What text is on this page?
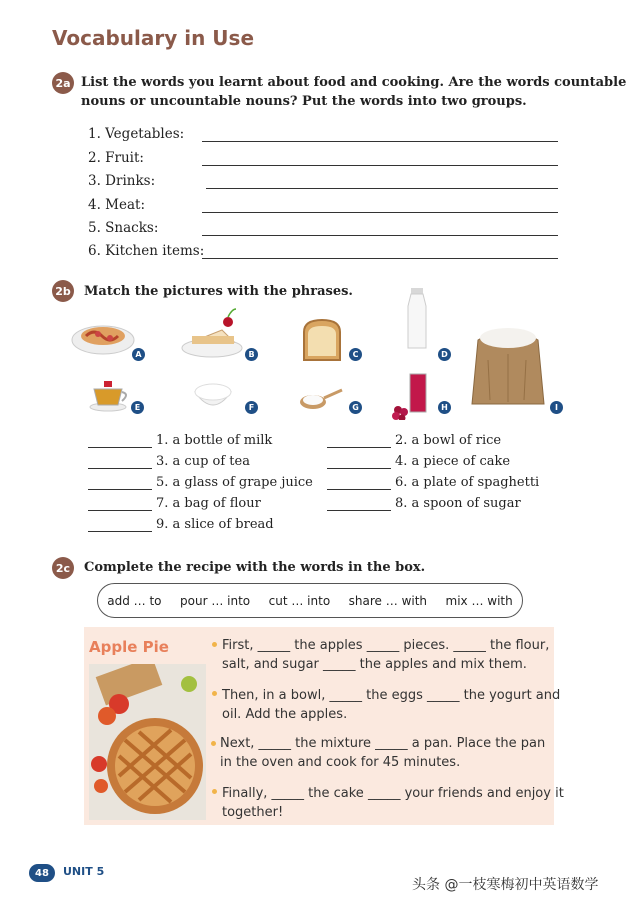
Vocabulary in Use
2a List the words you learnt about food and cooking. Are the words countable
nouns or uncountable nouns? Put the words into two groups.
1. Vegetables:
2. Fruit:
3. Drinks:
4. Meat:
5. Snacks:
6. Kitchen items:
2b Match the pictures with the phrases.
A	B	C	D
I
E	F	G	H
1. a bottle of milk	2. a bowl of rice
3. a cup of tea	4. a piece of cake
5. a glass of grape juice	6. a plate of spaghetti
7. a bag of flour	8. a spoon of sugar
9. a slice of bread
2c	Complete the recipe with the words in the box.
add … to pour … into cut … into share … with mix … with
Apple Pie	First, _____ the apples _____ pieces. _____ the flour,
salt, and sugar _____ the apples and mix them.
Then, in a bowl, _____ the eggs _____ the yogurt and
oil. Add the apples.
Next, _____ the mixture _____ a pan. Place the pan
in the oven and cook for 45 minutes.
Finally, _____ the cake _____ your friends and enjoy it
together!
48	UNIT 5
头条 @一枝寒梅初中英语数学
